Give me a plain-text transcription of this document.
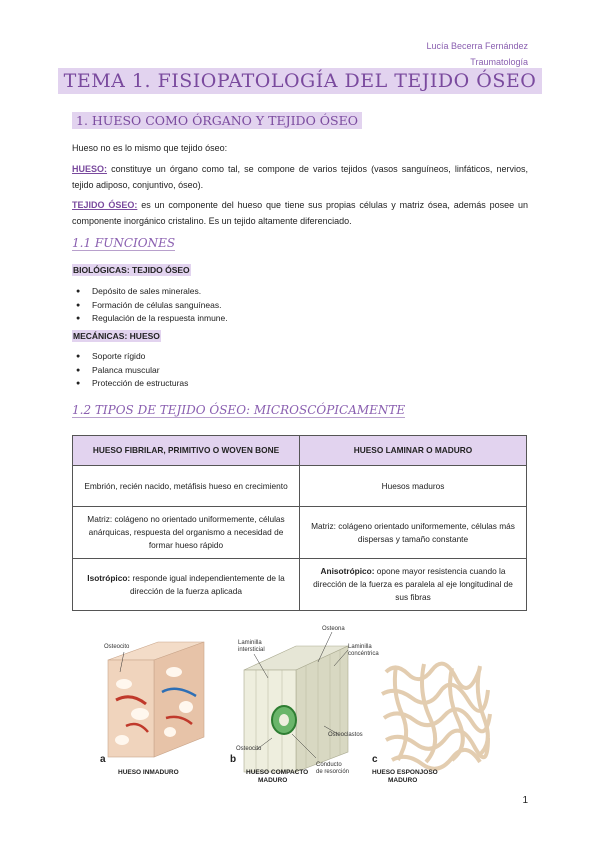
Lucía Becerra Fernández
Traumatología
TEMA 1. FISIOPATOLOGÍA DEL TEJIDO ÓSEO
1. HUESO COMO ÓRGANO Y TEJIDO ÓSEO
Hueso no es lo mismo que tejido óseo:
HUESO: constituye un órgano como tal, se compone de varios tejidos (vasos sanguíneos, linfáticos, nervios, tejido adiposo, conjuntivo, óseo).
TEJIDO ÓSEO: es un componente del hueso que tiene sus propias células y matriz ósea, además posee un componente inorgánico cristalino. Es un tejido altamente diferenciado.
1.1 FUNCIONES
BIOLÓGICAS: TEJIDO ÓSEO
● Depósito de sales minerales.
● Formación de células sanguíneas.
● Regulación de la respuesta inmune.
MECÁNICAS: HUESO
● Soporte rígido
● Palanca muscular
● Protección de estructuras
1.2 TIPOS DE TEJIDO ÓSEO: MICROSCÓPICAMENTE
HUESO FIBRILAR, PRIMITIVO O WOVEN BONE	HUESO LAMINAR O MADURO
Embrión, recién nacido, metáfisis hueso en crecimiento	Huesos maduros
Matriz: colágeno no orientado uniformemente, células anárquicas, respuesta del organismo a necesidad de formar hueso rápido	Matriz: colágeno orientado uniformemente, células más dispersas y tamaño constante
Isotrópico: responde igual independientemente de la dirección de la fuerza aplicada	Anisotrópico: opone mayor resistencia cuando la dirección de la fuerza es paralela al eje longitudinal de sus fibras
Osteocito
Laminilla intersticial
Osteona
Laminilla concéntrica
Osteocito
Osteoclastos
Conducto de resorción
a	b	c
HUESO INMADURO	HUESO COMPACTO MADURO
HUESO ESPONJOSO MADURO
1
